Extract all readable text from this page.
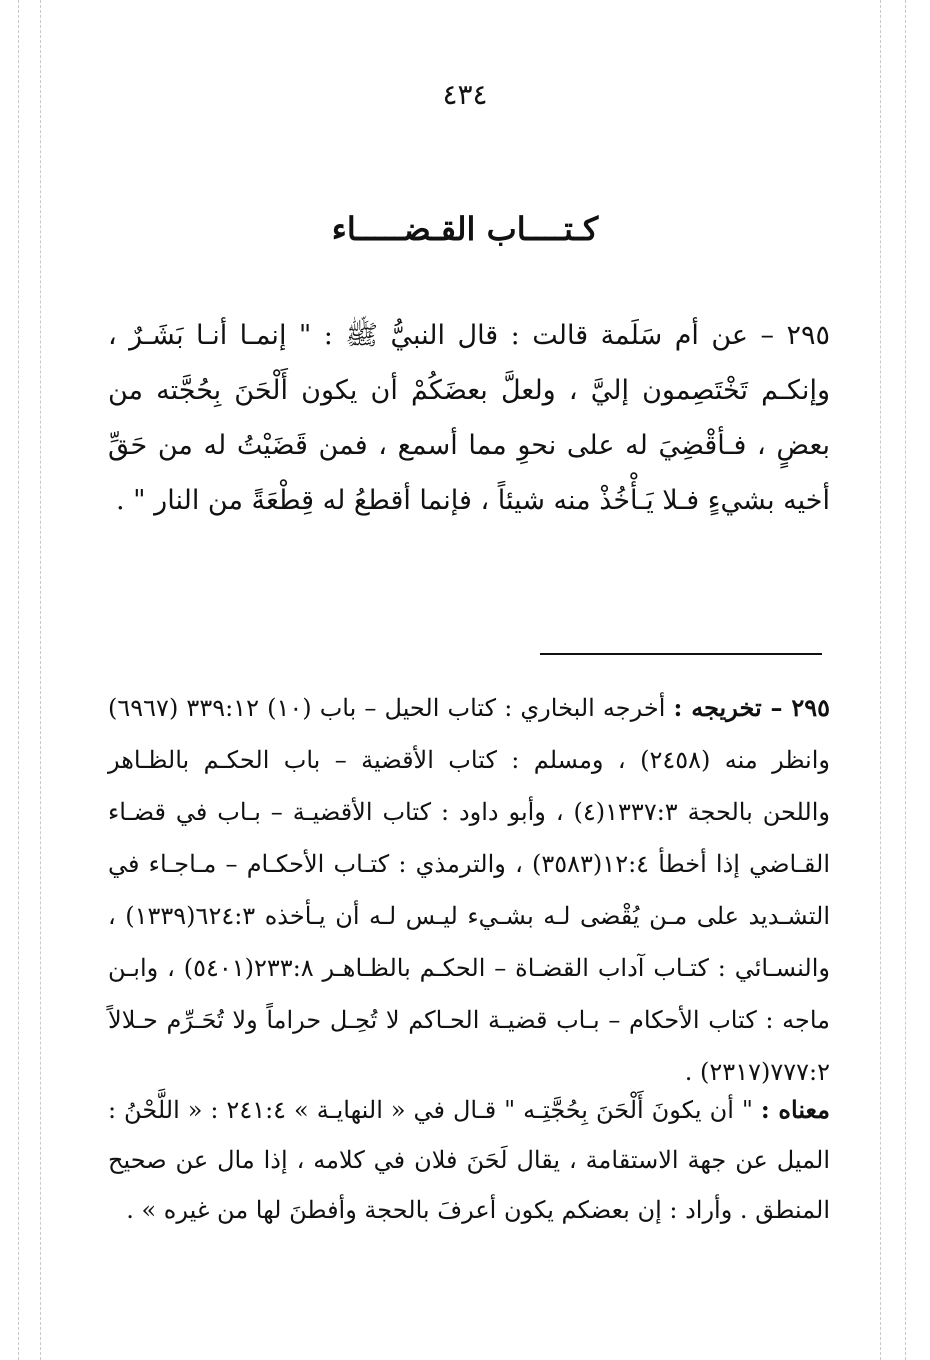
٤٣٤
كـتــــاب القـضـــــاء

٢٩٥ – عن أم سَلَمة قالت : قال النبيُّ ﷺ : " إنمـا أنـا بَشَـرٌ ، وإنكـم تَخْتَصِمون إليَّ ، ولعلَّ بعضَكُمْ أن يكون أَلْحَنَ بِحُجَّته من بعضٍ ، فـأقْضِيَ له على نحوِ مما أسمع ، فمن قَضَيْتُ له من حَقِّ أخيه بشيءٍ فـلا يَـأْخُذْ منه شيئاً ، فإنما أقطعُ له قِطْعَةً من النار " .

٢٩٥ – تخريجه : أخرجه البخاري : كتاب الحيل – باب (١٠) ٣٣٩:١٢ (٦٩٦٧) وانظر منه (٢٤٥٨) ، ومسلم : كتاب الأقضية – باب الحكـم بالظـاهر واللحن بالحجة ١٣٣٧:٣(٤) ، وأبو داود : كتاب الأقضيـة – بـاب في قضـاء القـاضي إذا أخطأ ١٢:٤(٣٥٨٣) ، والترمذي : كتـاب الأحكـام – مـاجـاء في التشـديد على مـن يُقْضى لـه بشـيء ليـس لـه أن يـأخذه ٦٢٤:٣(١٣٣٩) ، والنسـائي : كتـاب آداب القضـاة – الحكـم بالظـاهـر ٢٣٣:٨(٥٤٠١) ، وابـن ماجه : كتاب الأحكام – بـاب قضيـة الحـاكم لا تُحِـل حراماً ولا تُحَـرِّم حـلالاً ٧٧٧:٢(٢٣١٧) .

معناه : " أن يكونَ أَلْحَنَ بِحُجَّتِـه " قـال في « النهايـة » ٢٤١:٤ : « اللَّحْنُ : الميل عن جهة الاستقامة ، يقال لَحَنَ فلان في كلامه ، إذا مال عن صحيح المنطق . وأراد : إن بعضكم يكون أعرفَ بالحجة وأفطنَ لها من غيره » .
